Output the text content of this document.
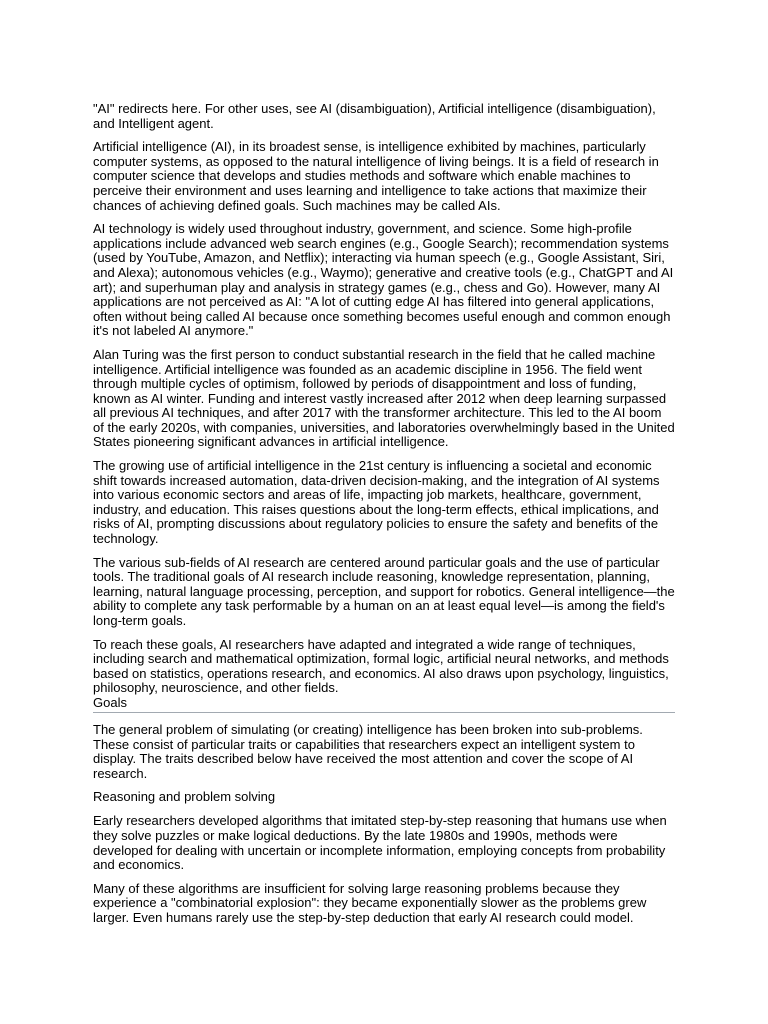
"AI" redirects here. For other uses, see AI (disambiguation), Artificial intelligence (disambiguation), and Intelligent agent.

Artificial intelligence (AI), in its broadest sense, is intelligence exhibited by machines, particularly computer systems, as opposed to the natural intelligence of living beings. It is a field of research in computer science that develops and studies methods and software which enable machines to perceive their environment and uses learning and intelligence to take actions that maximize their chances of achieving defined goals. Such machines may be called AIs.

AI technology is widely used throughout industry, government, and science. Some high-profile applications include advanced web search engines (e.g., Google Search); recommendation systems (used by YouTube, Amazon, and Netflix); interacting via human speech (e.g., Google Assistant, Siri, and Alexa); autonomous vehicles (e.g., Waymo); generative and creative tools (e.g., ChatGPT and AI art); and superhuman play and analysis in strategy games (e.g., chess and Go). However, many AI applications are not perceived as AI: "A lot of cutting edge AI has filtered into general applications, often without being called AI because once something becomes useful enough and common enough it's not labeled AI anymore."

Alan Turing was the first person to conduct substantial research in the field that he called machine intelligence. Artificial intelligence was founded as an academic discipline in 1956. The field went through multiple cycles of optimism, followed by periods of disappointment and loss of funding, known as AI winter. Funding and interest vastly increased after 2012 when deep learning surpassed all previous AI techniques, and after 2017 with the transformer architecture. This led to the AI boom of the early 2020s, with companies, universities, and laboratories overwhelmingly based in the United States pioneering significant advances in artificial intelligence.

The growing use of artificial intelligence in the 21st century is influencing a societal and economic shift towards increased automation, data-driven decision-making, and the integration of AI systems into various economic sectors and areas of life, impacting job markets, healthcare, government, industry, and education. This raises questions about the long-term effects, ethical implications, and risks of AI, prompting discussions about regulatory policies to ensure the safety and benefits of the technology.

The various sub-fields of AI research are centered around particular goals and the use of particular tools. The traditional goals of AI research include reasoning, knowledge representation, planning, learning, natural language processing, perception, and support for robotics. General intelligence—the ability to complete any task performable by a human on an at least equal level—is among the field's long-term goals.

To reach these goals, AI researchers have adapted and integrated a wide range of techniques, including search and mathematical optimization, formal logic, artificial neural networks, and methods based on statistics, operations research, and economics. AI also draws upon psychology, linguistics, philosophy, neuroscience, and other fields.

Goals

The general problem of simulating (or creating) intelligence has been broken into sub-problems. These consist of particular traits or capabilities that researchers expect an intelligent system to display. The traits described below have received the most attention and cover the scope of AI research.

Reasoning and problem solving

Early researchers developed algorithms that imitated step-by-step reasoning that humans use when they solve puzzles or make logical deductions. By the late 1980s and 1990s, methods were developed for dealing with uncertain or incomplete information, employing concepts from probability and economics.

Many of these algorithms are insufficient for solving large reasoning problems because they experience a "combinatorial explosion": they became exponentially slower as the problems grew larger. Even humans rarely use the step-by-step deduction that early AI research could model.
